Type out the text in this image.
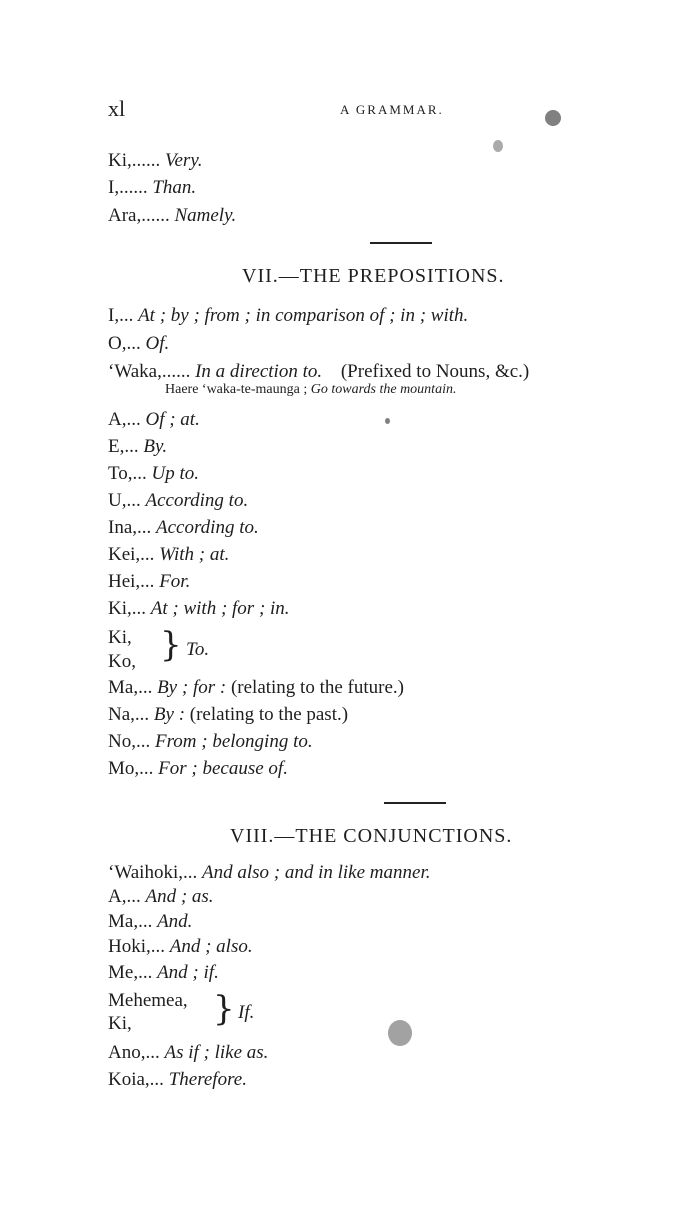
xl	A GRAMMAR.
Ki,...... Very.
I,...... Than.
Ara,...... Namely.
VII.—THE PREPOSITIONS.
I,... At ; by ; from ; in comparison of ; in ; with.
O,... Of.
‘Waka,...... In a direction to. (Prefixed to Nouns, &c.)
Haere ‘waka-te-maunga ; Go towards the mountain.
A,... Of ; at.
E,... By.
To,... Up to.
U,... According to.
Ina,... According to.
Kei,... With ; at.
Hei,... For.
Ki,... At ; with ; for ; in.
Ki,
Ko, } To.
Ma,... By ; for : (relating to the future.)
Na,... By : (relating to the past.)
No,... From ; belonging to.
Mo,... For ; because of.
VIII.—THE CONJUNCTIONS.
‘Waihoki,... And also ; and in like manner.
A,... And ; as.
Ma,... And.
Hoki,... And ; also.
Me,... And ; if.
Mehemea,
Ki, } If.
Ano,... As if ; like as.
Koia,... Therefore.
